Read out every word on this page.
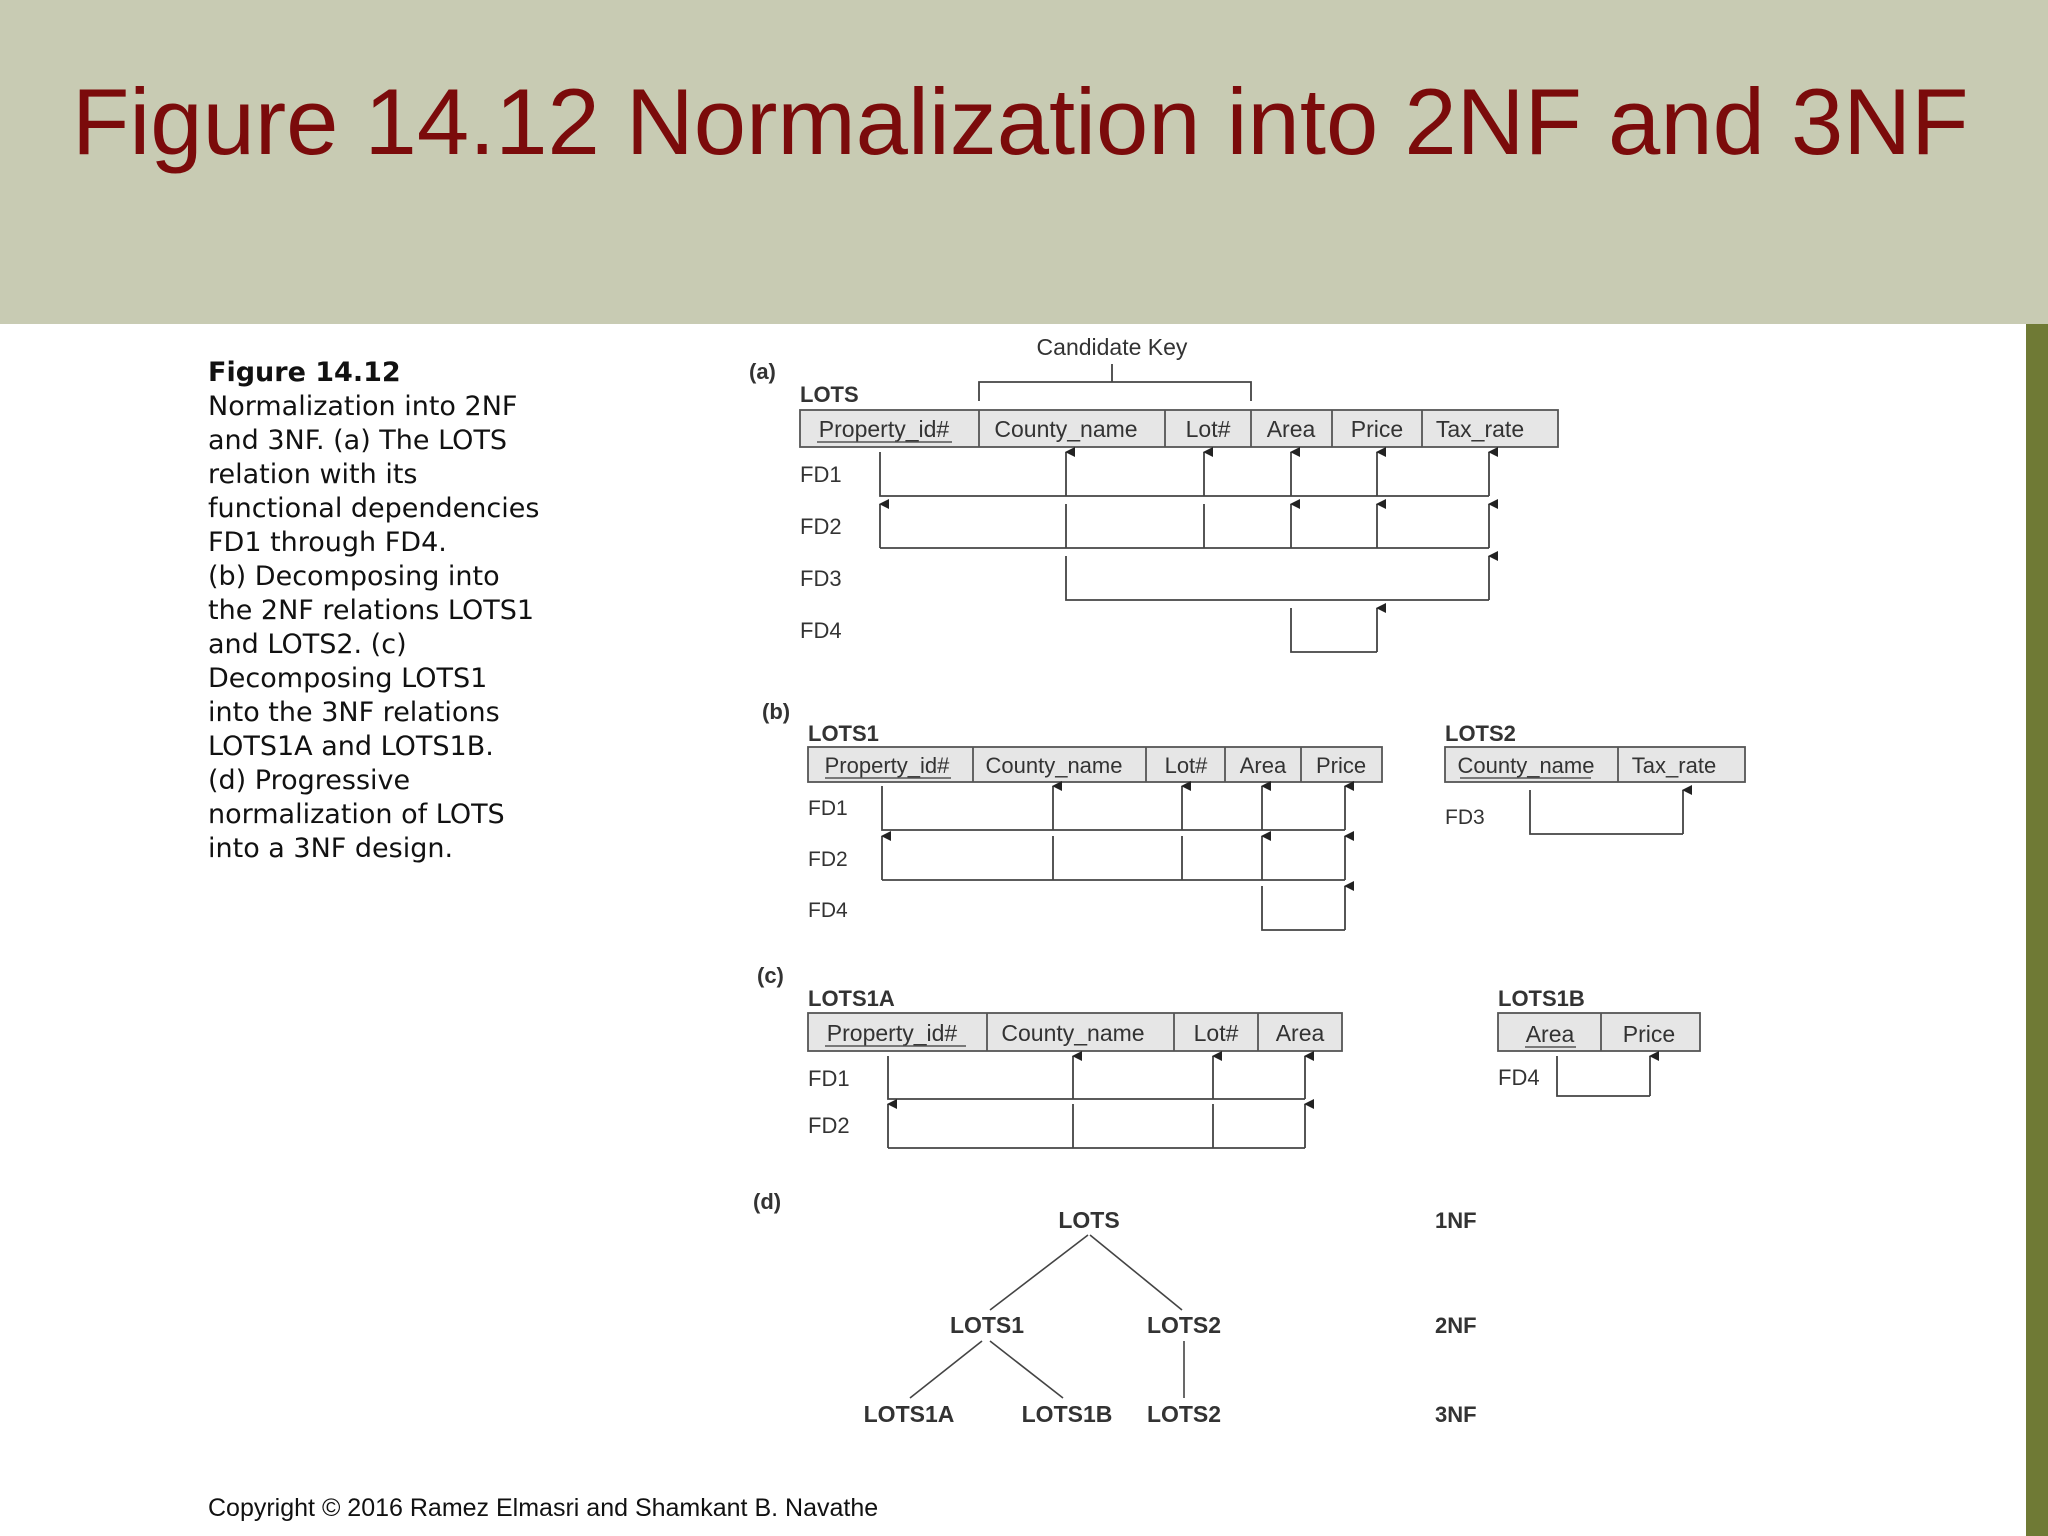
Figure 14.12 Normalization into 2NF and 3NF
Figure 14.12
Normalization into 2NF
and 3NF. (a) The LOTS
relation with its
functional dependencies
FD1 through FD4.
(b) Decomposing into
the 2NF relations LOTS1
and LOTS2. (c)
Decomposing LOTS1
into the 3NF relations
LOTS1A and LOTS1B.
(d) Progressive
normalization of LOTS
into a 3NF design.
(a)
Candidate Key
LOTS
Property_id# County_name Lot# Area Price Tax_rate
FD1
FD2
FD3
FD4
(b)
LOTS1
Property_id# County_name Lot# Area Price
FD1
FD2
FD4
LOTS2
County_name Tax_rate
FD3
(c)
LOTS1A
Property_id# County_name Lot# Area
FD1
FD2
LOTS1B
Area Price
FD4
(d)
LOTS
LOTS1	LOTS2
LOTS1A	LOTS1B LOTS2
1NF
2NF
3NF
Copyright © 2016 Ramez Elmasri and Shamkant B. Navathe
